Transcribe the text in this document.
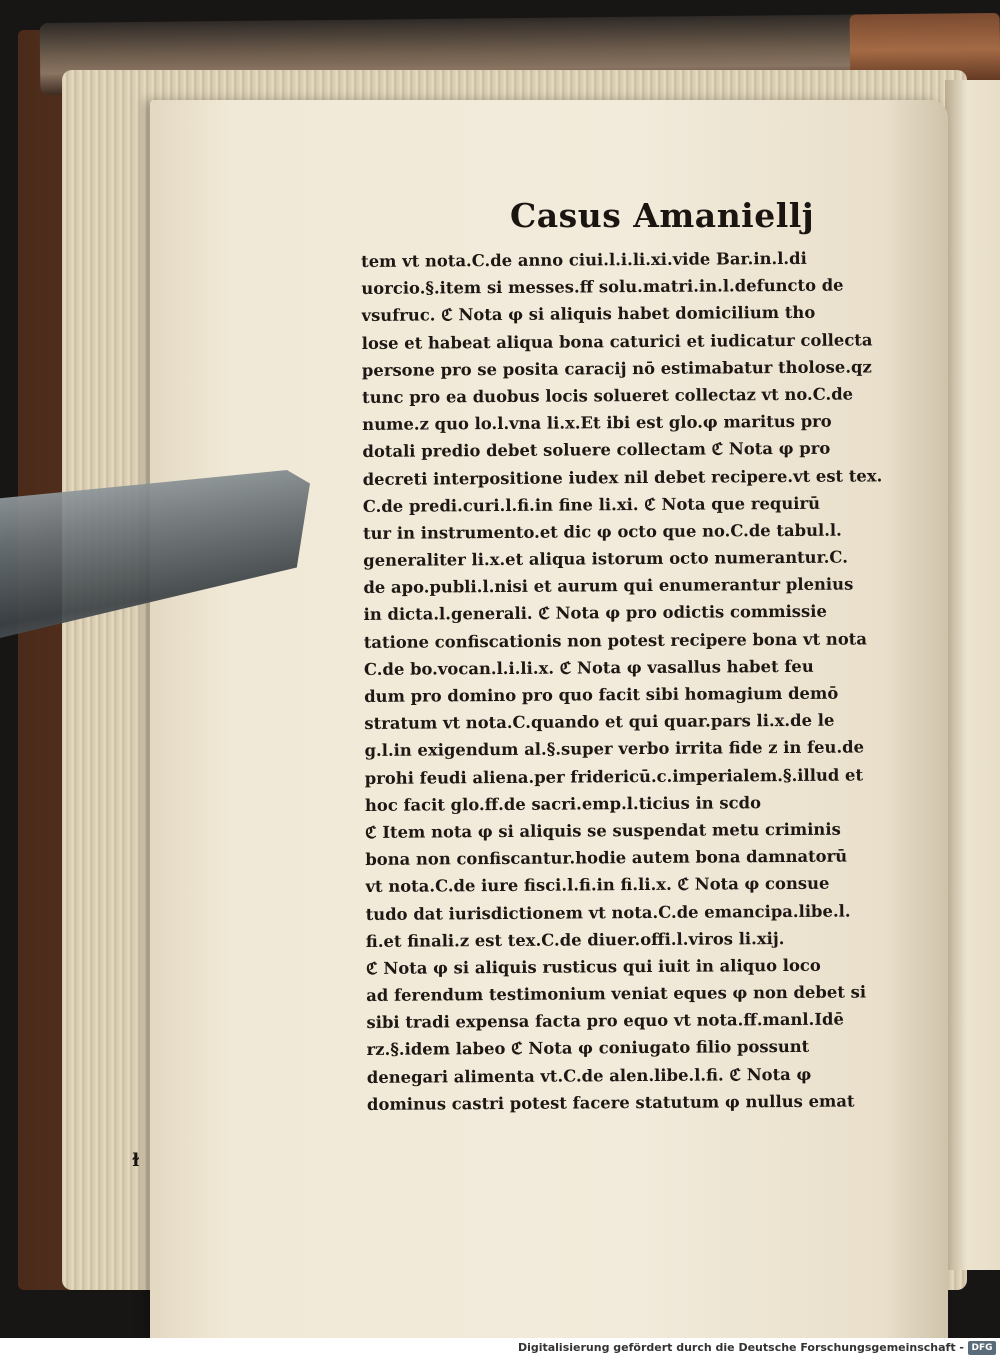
Casus Amaniellj
tem vt nota.C.de anno ciui.l.i.li.xi.vide Bar.in.l.di
uorcio.§.item si messes.ff solu.matri.in.l.defuncto de
vsufruc. ℭ Nota φ si aliquis habet domicilium tho
lose et habeat aliqua bona caturici et iudicatur collecta
persone pro se posita caracij nō estimabatur tholose.qz
tunc pro ea duobus locis solueret collectaz vt no.C.de
nume.z quo lo.l.vna li.x.Et ibi est glo.φ maritus pro
dotali predio debet soluere collectam ℭ Nota φ pro
decreti interpositione iudex nil debet recipere.vt est tex.
C.de predi.curi.l.fi.in fine li.xi. ℭ Nota que requirū
tur in instrumento.et dic φ octo que no.C.de tabul.l.
generaliter li.x.et aliqua istorum octo numerantur.C.
de apo.publi.l.nisi et aurum qui enumerantur plenius
in dicta.l.generali. ℭ Nota φ pro odictis commissie
tatione confiscationis non potest recipere bona vt nota
C.de bo.vocan.l.i.li.x. ℭ Nota φ vasallus habet feu
dum pro domino pro quo facit sibi homagium demō
stratum vt nota.C.quando et qui quar.pars li.x.de le
g.l.in exigendum al.§.super verbo irrita fide z in feu.de
prohi feudi aliena.per fridericū.c.imperialem.§.illud et
hoc facit glo.ff.de sacri.emp.l.ticius in scdo
ℭ Item nota φ si aliquis se suspendat metu criminis
bona non confiscantur.hodie autem bona damnatorū
vt nota.C.de iure fisci.l.fi.in fi.li.x. ℭ Nota φ consue
tudo dat iurisdictionem vt nota.C.de emancipa.libe.l.
fi.et finali.z est tex.C.de diuer.offi.l.viros li.xij.
ℭ Nota φ si aliquis rusticus qui iuit in aliquo loco
ad ferendum testimonium veniat eques φ non debet si
sibi tradi expensa facta pro equo vt nota.ff.manl.Idē
rz.§.idem labeo ℭ Nota φ coniugato filio possunt
denegari alimenta vt.C.de alen.libe.l.fi. ℭ Nota φ
dominus castri potest facere statutum φ nullus emat
ɫ
Digitalisierung gefördert durch die Deutsche Forschungsgemeinschaft - DFG
